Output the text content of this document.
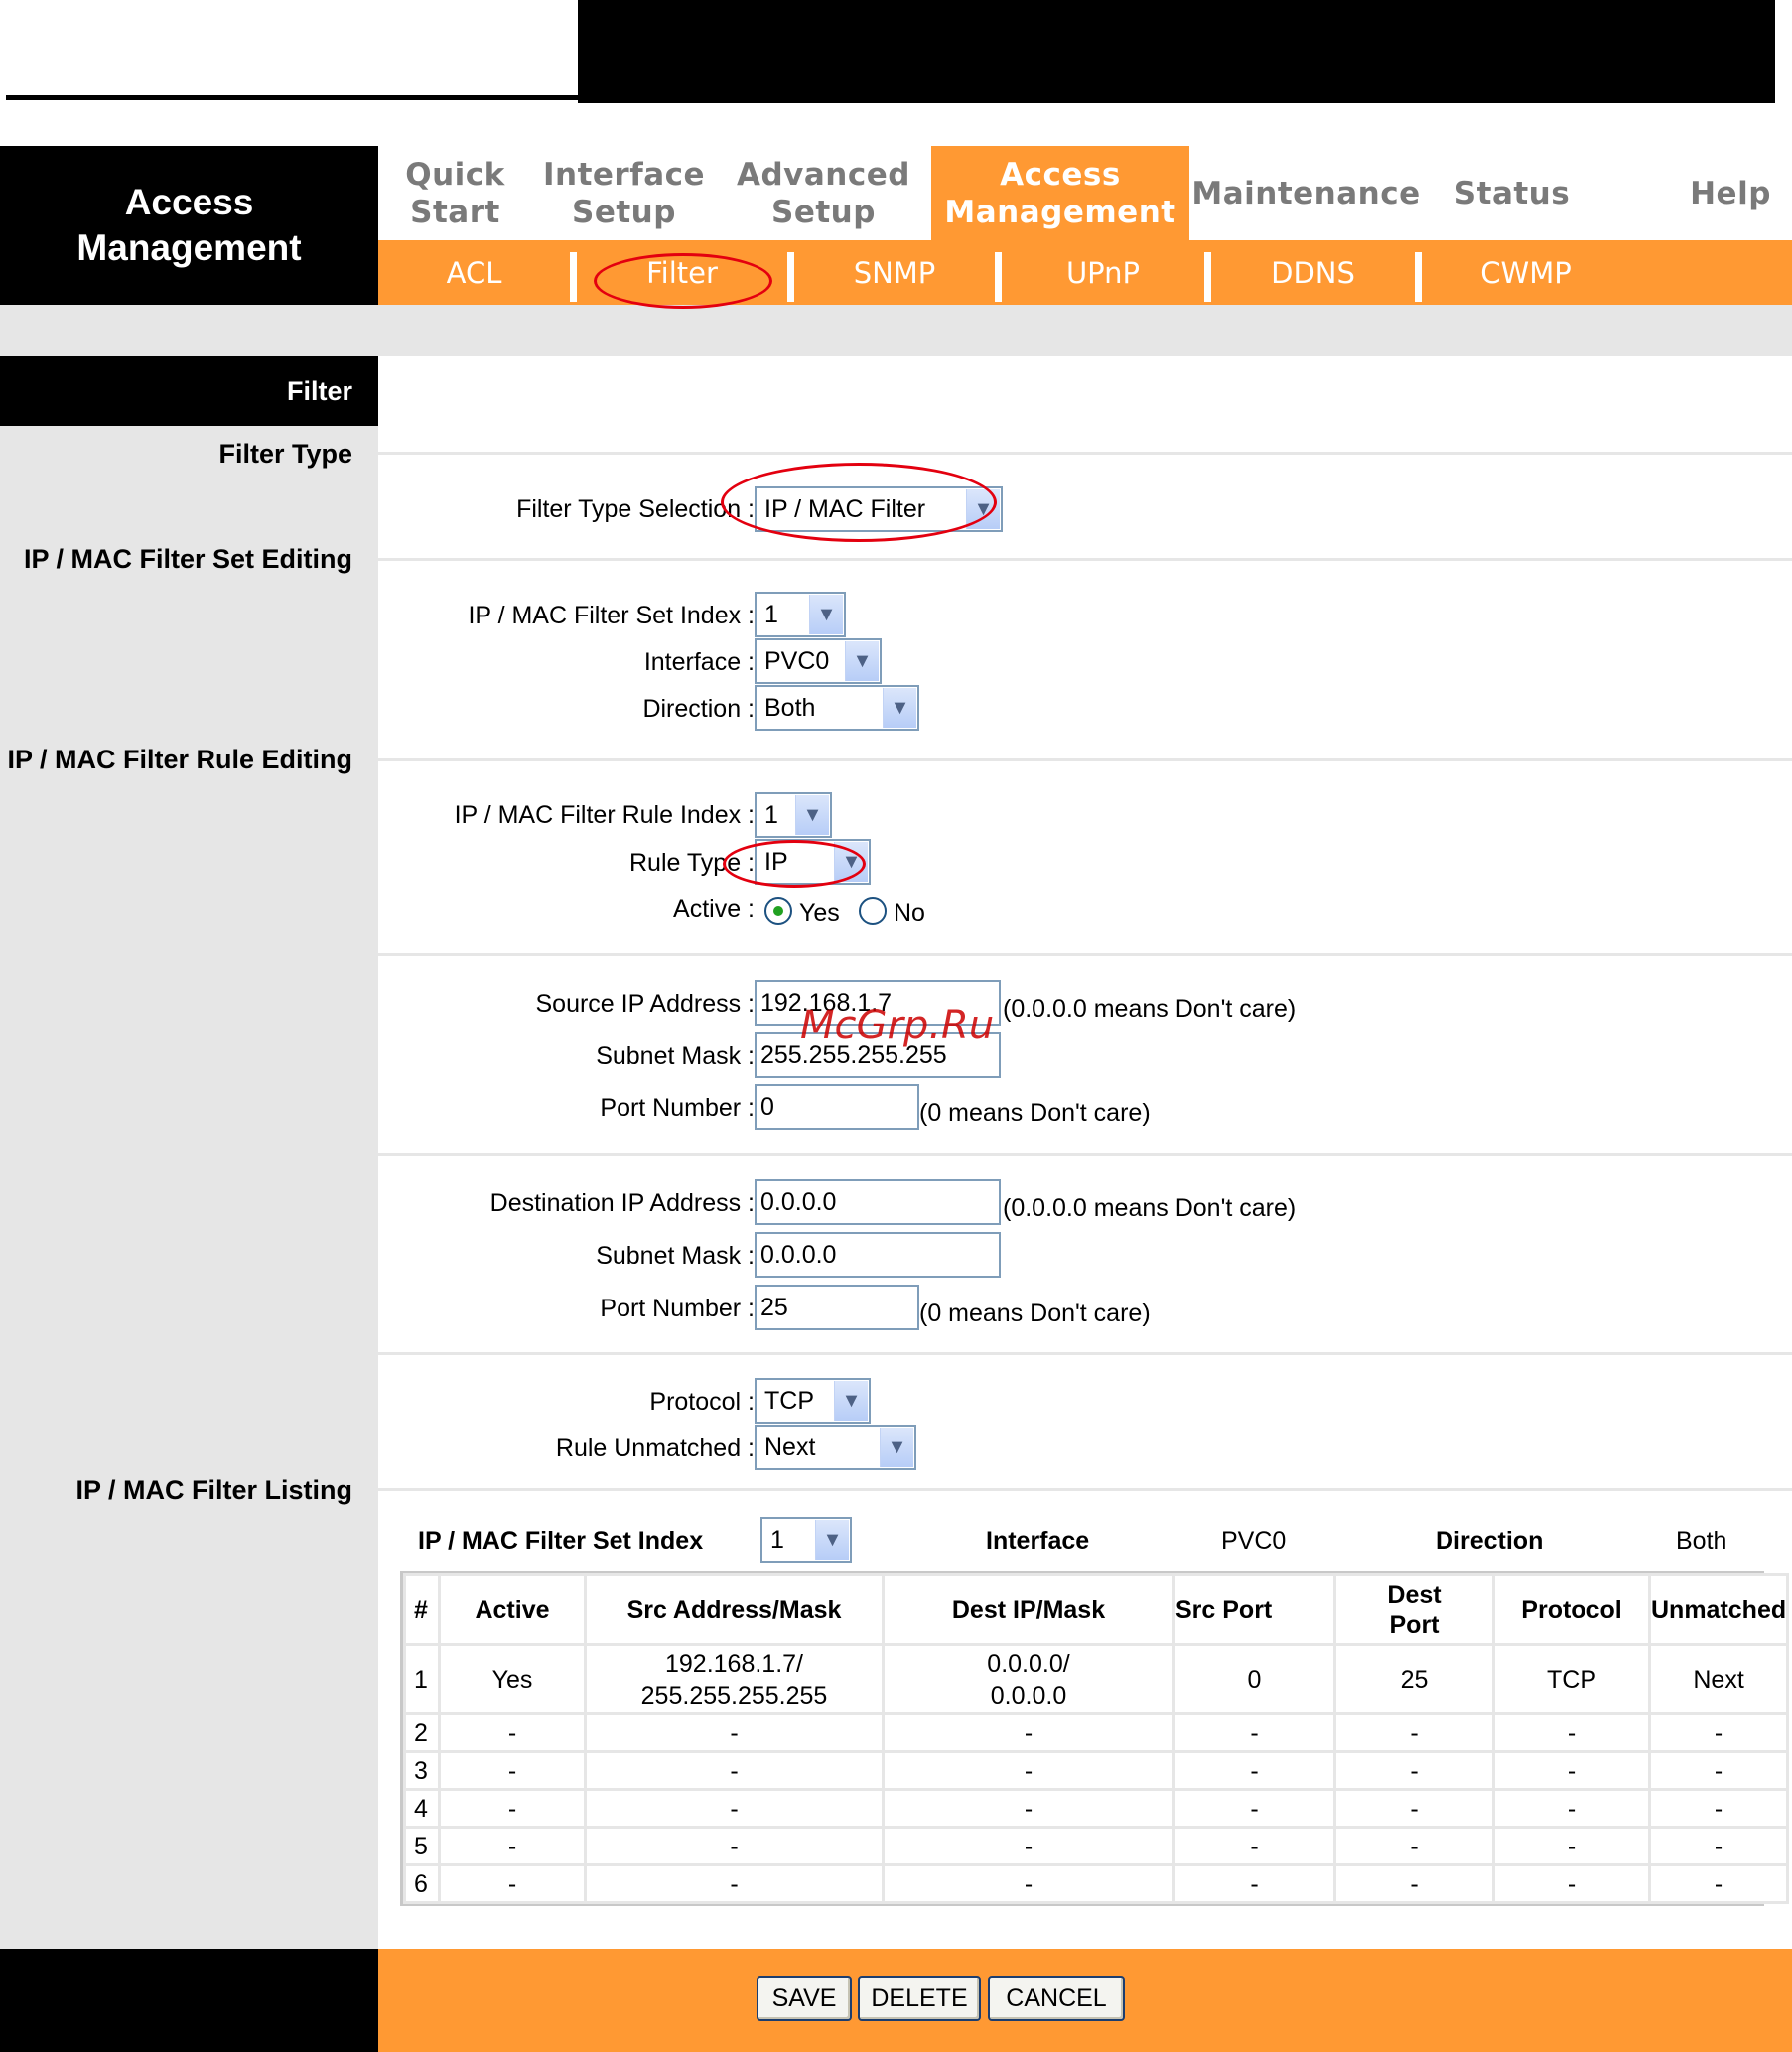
Access
Management
Quick
Start
Interface
Setup
Advanced
Setup
Access
Management
Maintenance Status	Help
ACL	Filter	SNMP	UPnP	DDNS	CWMP
Filter
Filter Type
IP / MAC Filter Set Editing
IP / MAC Filter Rule Editing
IP / MAC Filter Listing
Filter Type Selection : IP / MAC Filter	▼
IP / MAC Filter Set Index : 1	▼
Interface : PVC0	▼
Direction : Both	▼
IP / MAC Filter Rule Index : 1	▼
Rule Type : IP	▼
Active : Yes No
Source IP Address :
192.168.1.7	(0.0.0.0 means Don't care)
Subnet Mask :
255.255.255.255
Port Number :
0	(0 means Don't care)
Destination IP Address :
0.0.0.0	(0.0.0.0 means Don't care)
Subnet Mask :
0.0.0.0
Port Number :
25	(0 means Don't care)
Protocol : TCP	▼
Rule Unmatched : Next	▼
IP / MAC Filter Set Index	1	▼	Interface	PVC0	Direction	Both
#	Active	Src Address/Mask	Dest IP/Mask	Src Port	Dest Port	Protocol	Unmatched
1	Yes	192.168.1.7/ 255.255.255.255	0.0.0.0/ 0.0.0.0	0	25	TCP	Next
2	-	-	-	-	-	-	-
3	-	-	-	-	-	-	-
4	-	-	-	-	-	-	-
5	-	-	-	-	-	-	-
6	-	-	-	-	-	-	-
SAVE	DELETE	CANCEL
McGrp.Ru
